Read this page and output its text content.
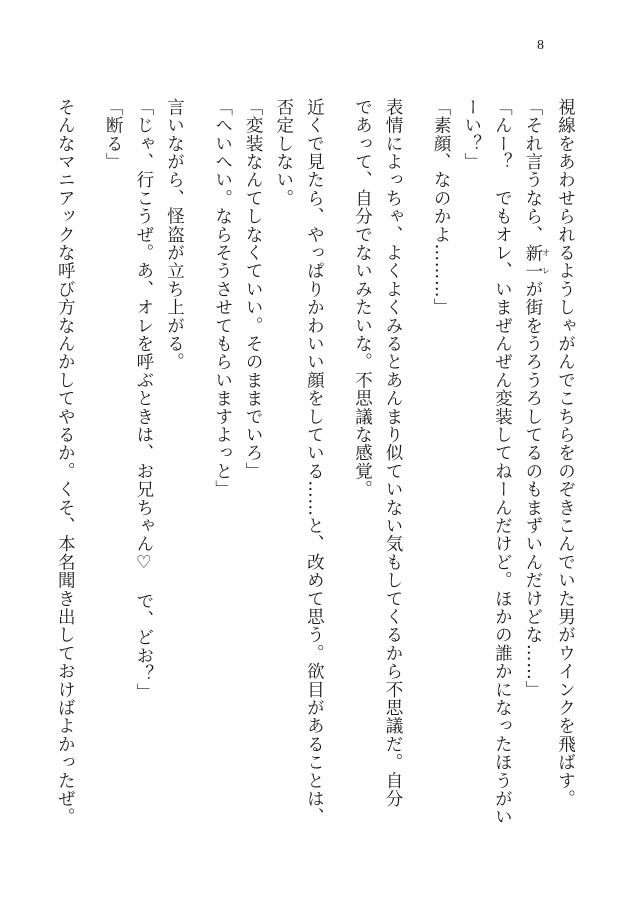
8
視線をあわせられるようしゃがんでこちらをのぞきこんでいた男がウインクを飛ばす。
「それ言うなら、新一オレが街をうろうろしてるのもまずいんだけどな……」
「んー？　でもオレ、いまぜんぜん変装してねーんだけど。ほかの誰かになったほうがい
ーい？」
「素顔、なのかよ………」
表情によっちゃ、よくよくみるとあんまり似ていない気もしてくるから不思議だ。自分
であって、自分でないみたいな。不思議な感覚。
近くで見たら、やっぱりかわいい顔をしている……と、改めて思う。欲目があることは、
否定しない。
「変装なんてしなくていい。そのままでいろ」
「へいへい。ならそうさせてもらいますよっと」
言いながら、怪盗が立ち上がる。
「じゃ、行こうぜ。あ、オレを呼ぶときは、お兄ちゃん♡　で、どお？」
「断る」
そんなマニアックな呼び方なんかしてやるか。くそ、本名聞き出しておけばよかったぜ。
